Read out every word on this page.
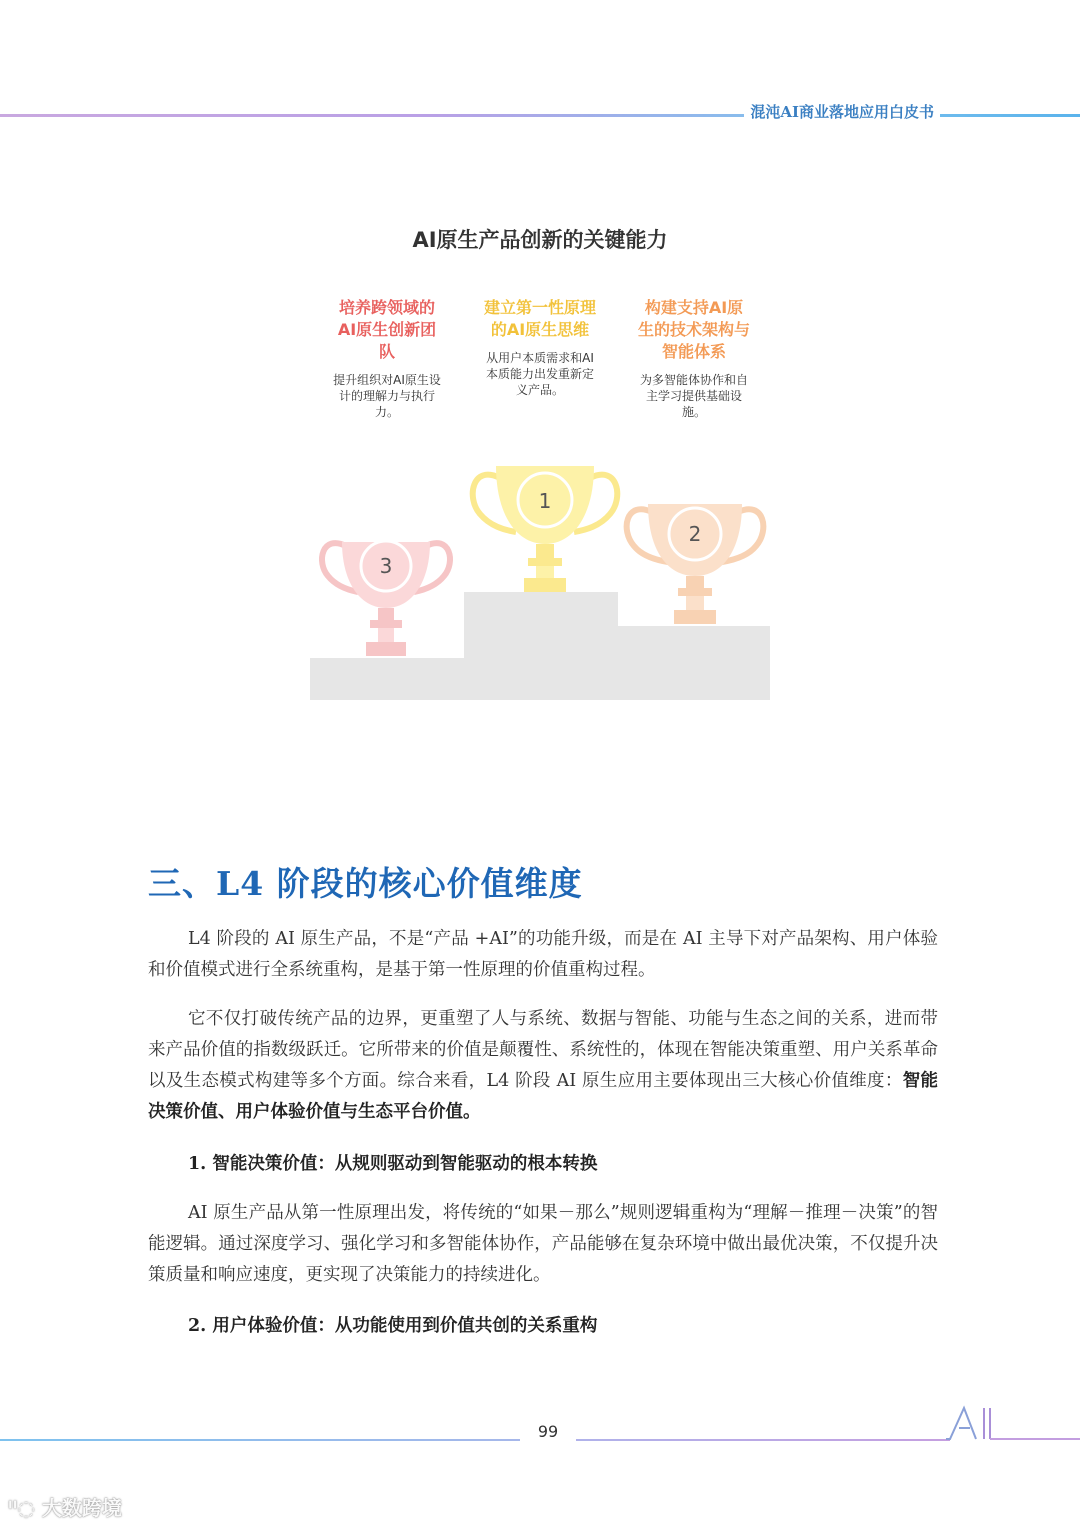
混沌AI商业落地应用白皮书
AI原生产品创新的关键能力
培养跨领域的
AI原生创新团
队
提升组织对AI原生设
计的理解力与执行
力。
建立第一性原理
的AI原生思维
从用户本质需求和AI
本质能力出发重新定
义产品。
构建支持AI原
生的技术架构与
智能体系
为多智能体协作和自
主学习提供基础设
施。
3
1
2
三、L4 阶段的核心价值维度
L4 阶段的 AI 原生产品，不是“产品 +AI”的功能升级，而是在 AI 主导下对产品架构、用户体验和价值模式进行全系统重构，是基于第一性原理的价值重构过程。
它不仅打破传统产品的边界，更重塑了人与系统、数据与智能、功能与生态之间的关系，进而带来产品价值的指数级跃迁。它所带来的价值是颠覆性、系统性的，体现在智能决策重塑、用户关系革命以及生态模式构建等多个方面。综合来看，L4 阶段 AI 原生应用主要体现出三大核心价值维度：智能决策价值、用户体验价值与生态平台价值。
1. 智能决策价值：从规则驱动到智能驱动的根本转换
AI 原生产品从第一性原理出发，将传统的“如果－那么”规则逻辑重构为“理解－推理－决策”的智能逻辑。通过深度学习、强化学习和多智能体协作，产品能够在复杂环境中做出最优决策，不仅提升决策质量和响应速度，更实现了决策能力的持续进化。
2. 用户体验价值：从功能使用到价值共创的关系重构
99
ᐦ◌ 大数跨境
